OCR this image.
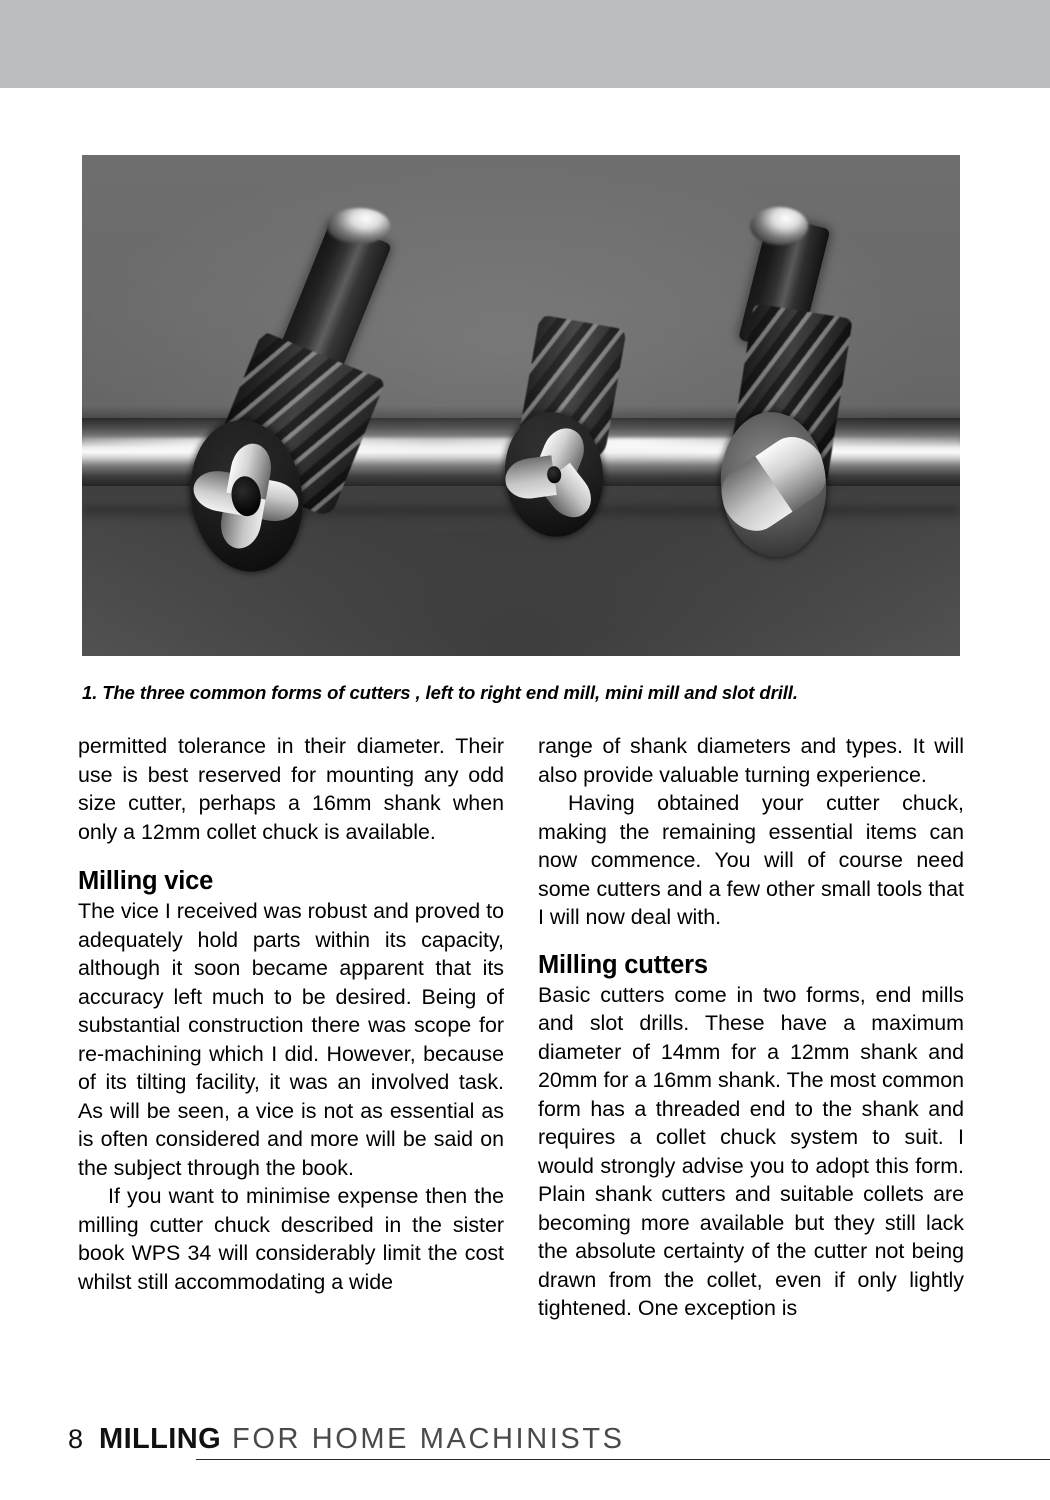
1. The three common forms of cutters , left to right end mill, mini mill and slot drill.

permitted tolerance in their diameter. Their use is best reserved for mounting any odd size cutter, perhaps a 16mm shank when only a 12mm collet chuck is available.

Milling vice

The vice I received was robust and proved to adequately hold parts within its capacity, although it soon became apparent that its accuracy left much to be desired. Being of substantial construction there was scope for re-machining which I did. However, because of its tilting facility, it was an involved task. As will be seen, a vice is not as essential as is often considered and more will be said on the subject through the book.

If you want to minimise expense then the milling cutter chuck described in the sister book WPS 34 will considerably limit the cost whilst still accommodating a wide

range of shank diameters and types. It will also provide valuable turning experience.

Having obtained your cutter chuck, making the remaining essential items can now commence. You will of course need some cutters and a few other small tools that I will now deal with.

Milling cutters

Basic cutters come in two forms, end mills and slot drills. These have a maximum diameter of 14mm for a 12mm shank and 20mm for a 16mm shank. The most common form has a threaded end to the shank and requires a collet chuck system to suit. I would strongly advise you to adopt this form. Plain shank cutters and suitable collets are becoming more available but they still lack the absolute certainty of the cutter not being drawn from the collet, even if only lightly tightened. One exception is

8 MILLING FOR HOME MACHINISTS
